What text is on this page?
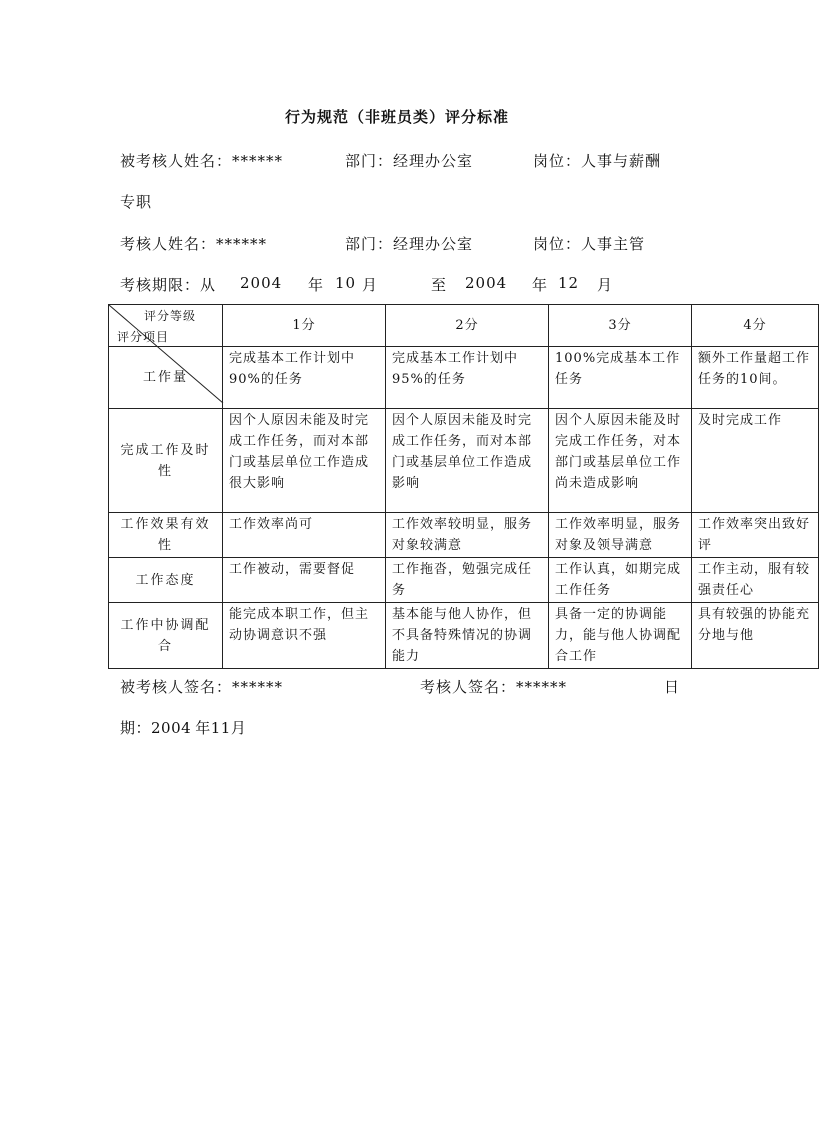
行为规范（非班员类）评分标准
被考核人姓名：******	部门：经理办公室	岗位：人事与薪酬
专职
考核人姓名：******	部门：经理办公室	岗位：人事主管
考核期限：从 2004 年 10 月	至 2004 年 12 月
评分等级
评分项目	1分	2分	3分	4分
工作量	完成基本工作计划中90%的任务	完成基本工作计划中95%的任务	100%完成基本工作任务	额外工作量超工作任务的10间。
完成工作及时性	因个人原因未能及时完成工作任务，而对本部门或基层单位工作造成很大影响	因个人原因未能及时完成工作任务，而对本部门或基层单位工作造成影响	因个人原因未能及时完成工作任务，对本部门或基层单位工作尚未造成影响	及时完成工作
工作效果有效性	工作效率尚可	工作效率较明显，服务对象较满意	工作效率明显，服务对象及领导满意	工作效率突出致好评
工作态度	工作被动，需要督促	工作拖沓，勉强完成任务	工作认真，如期完成工作任务	工作主动，服有较强责任心
工作中协调配合	能完成本职工作，但主动协调意识不强	基本能与他人协作，但不具备特殊情况的协调能力	具备一定的协调能力，能与他人协调配合工作	具有较强的协能充分地与他
被考核人签名：******	考核人签名：******	日
期：2004 年11月
